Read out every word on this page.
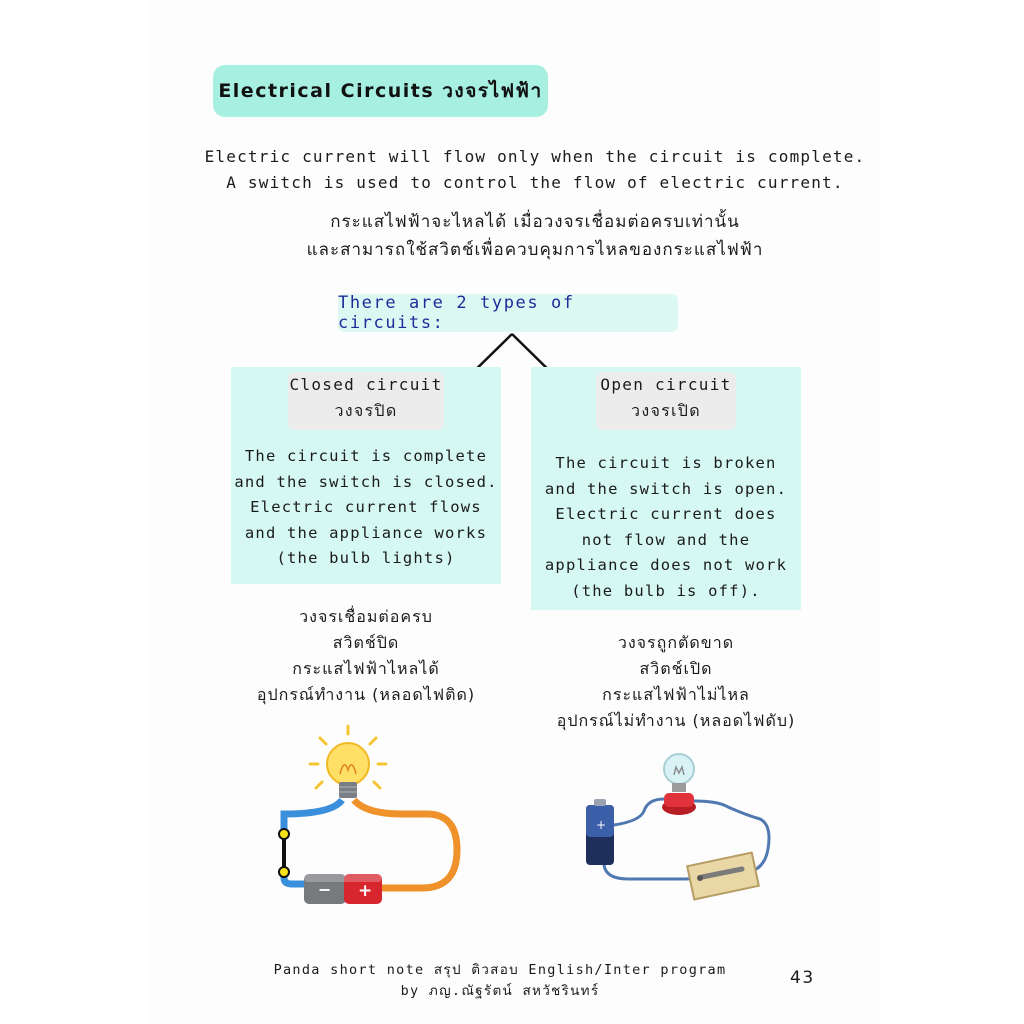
Electrical Circuits วงจรไฟฟ้า
Electric current will flow only when the circuit is complete.
A switch is used to control the flow of electric current.
กระแสไฟฟ้าจะไหลได้ เมื่อวงจรเชื่อมต่อครบเท่านั้น
และสามารถใช้สวิตช์เพื่อควบคุมการไหลของกระแสไฟฟ้า
There are 2 types of circuits:
Closed circuit
วงจรปิด
The circuit is complete
and the switch is closed.
Electric current flows
and the appliance works
(the bulb lights)
Open circuit
วงจรเปิด
The circuit is broken
and the switch is open.
Electric current does
not flow and the
appliance does not work
(the bulb is off).
วงจรเชื่อมต่อครบ
สวิตช์ปิด
กระแสไฟฟ้าไหลได้
อุปกรณ์ทำงาน (หลอดไฟติด)
วงจรถูกตัดขาด
สวิตช์เปิด
กระแสไฟฟ้าไม่ไหล
อุปกรณ์ไม่ทำงาน (หลอดไฟดับ)
− +
+
Panda short note สรุป ติวสอบ English/Inter program
by ภญ.ณัฐรัตน์ สหวัชรินทร์
43
